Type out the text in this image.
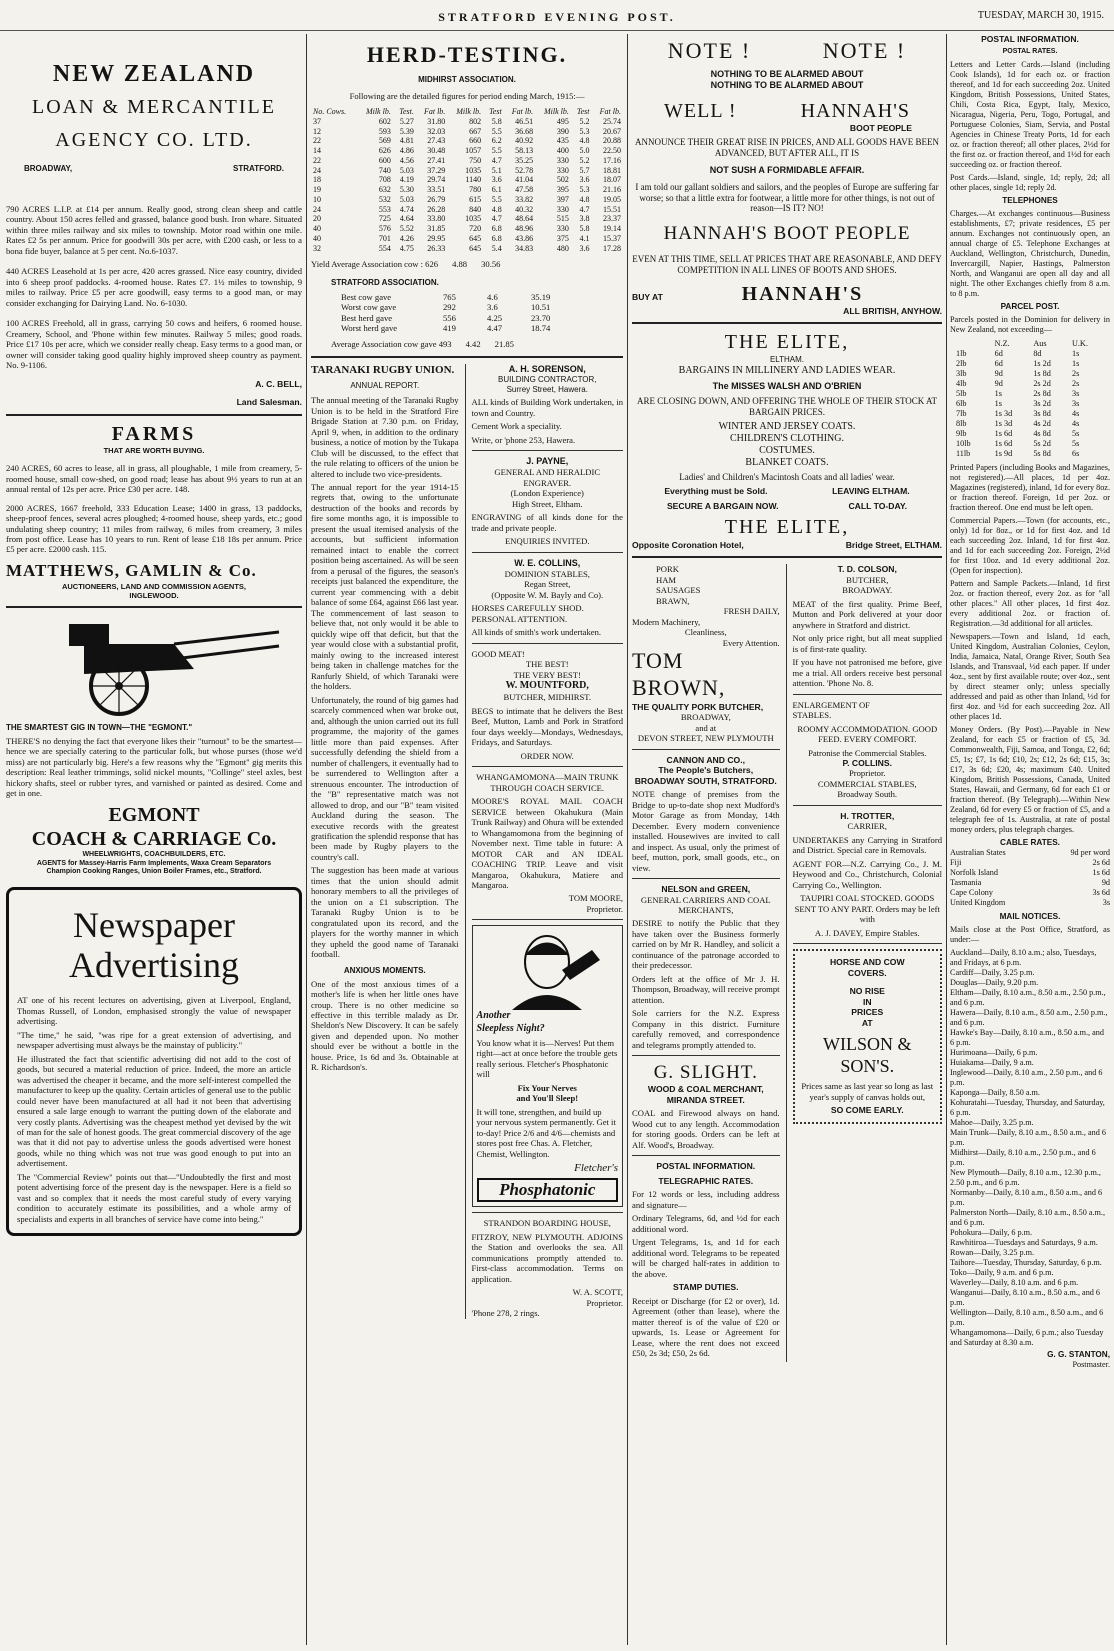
STRATFORD EVENING POST.	TUESDAY, MARCH 30, 1915.
NEW ZEALAND
LOAN & MERCANTILE
AGENCY CO. LTD.
BROADWAY,	STRATFORD.

790 ACRES L.I.P. at £14 per annum. Really good, strong clean sheep and cattle country. About 150 acres felled and grassed, balance good bush. Iron whare. Situated within three miles railway and six miles to township. Motor road within one mile. Rates £2 5s per annum. Price for goodwill 30s per acre, with £200 cash, or less to a bona fide buyer, balance at 5 per cent. No.6-1037.

440 ACRES Leasehold at 1s per acre, 420 acres grassed. Nice easy country, divided into 6 sheep proof paddocks. 4-roomed house. Rates £7. 1½ miles to township, 9 miles to railway. Price £5 per acre goodwill, easy terms to a good man, or may consider exchanging for Dairying Land. No. 6-1030.

100 ACRES Freehold, all in grass, carrying 50 cows and heifers, 6 roomed house. Creamery, School, and 'Phone within few minutes. Railway 5 miles; good roads. Price £17 10s per acre, which we consider really cheap. Easy terms to a good man, or owner will consider taking good quality highly improved sheep country as payment. No. 9-1106.

A. C. BELL,
Land Salesman.
FARMS
THAT ARE WORTH BUYING.

240 ACRES, 60 acres to lease, all in grass, all ploughable, 1 mile from creamery, 5-roomed house, small cow-shed, on good road; lease has about 9½ years to run at an annual rental of 12s per acre. Price £30 per acre. 148.

2000 ACRES, 1667 freehold, 333 Education Lease; 1400 in grass, 13 paddocks, sheep-proof fences, several acres ploughed; 4-roomed house, sheep yards, etc.; good undulating sheep country; 11 miles from railway, 6 miles from creamery, 3 miles from post office. Lease has 10 years to run. Rent of lease £18 18s per annum. Price £5 per acre. £2000 cash. 115.

MATTHEWS, GAMLIN & Co.
AUCTIONEERS, LAND AND COMMISSION AGENTS,
INGLEWOOD.
THE SMARTEST GIG IN TOWN—THE "EGMONT."

THERE'S no denying the fact that everyone likes their "turnout" to be the smartest—hence we are specially catering to the particular folk, but whose purses (those we'd miss) are not particularly big. Here's a few reasons why the "Egmont" gig merits this description: Real leather trimmings, solid nickel mounts, "Collinge" steel axles, best hickory shafts, steel or rubber tyres, and varnished or painted as desired. Come and get in one.

EGMONT
COACH & CARRIAGE Co.
WHEELWRIGHTS, COACHBUILDERS, ETC.
AGENTS for Massey-Harris Farm Implements, Waxa Cream Separators
Champion Cooking Ranges, Union Boiler Frames, etc., Stratford.
Newspaper
Advertising

AT one of his recent lectures on advertising, given at Liverpool, England, Thomas Russell, of London, emphasised strongly the value of newspaper advertising.

"The time," he said, "was ripe for a great extension of advertising, and newspaper advertising must always be the mainstay of publicity."

He illustrated the fact that scientific advertising did not add to the cost of goods, but secured a material reduction of price. Indeed, the more an article was advertised the cheaper it became, and the more self-interest compelled the manufacturer to keep up the quality. Certain articles of general use to the public could never have been manufactured at all had it not been that advertising ensured a sale large enough to warrant the putting down of the elaborate and very costly plants. Advertising was the cheapest method yet devised by the wit of man for the sale of honest goods. The great commercial discovery of the age was that it did not pay to advertise unless the goods advertised were honest goods, while no thing which was not true was good enough to put into an advertisement.

The "Commercial Review" points out that—"Undoubtedly the first and most potent advertising force of the present day is the newspaper. Here is a field so vast and so complex that it needs the most careful study of every varying condition to accurately estimate its possibilities, and a whole army of specialists and experts in all branches of service have come into being."

HERD-TESTING.
MIDHIRST ASSOCIATION.

Following are the detailed figures for period ending March, 1915:—

No. Cows.	Milk lb.	Test.	Fat lb.	Milk lb.	Test	Fat lb.	Milk lb.	Test	Fat lb.
37	602	5.27	31.80	802	5.8	46.51	495	5.2	25.74
12	593	5.39	32.03	667	5.5	36.68	390	5.3	20.67
22	569	4.81	27.43	660	6.2	40.92	435	4.8	20.88
14	626	4.86	30.48	1057	5.5	58.13	400	5.0	22.50
22	600	4.56	27.41	750	4.7	35.25	330	5.2	17.16
24	740	5.03	37.29	1035	5.1	52.78	330	5.7	18.81
18	708	4.19	29.74	1140	3.6	41.04	502	3.6	18.07
19	632	5.30	33.51	780	6.1	47.58	395	5.3	21.16
10	532	5.03	26.79	615	5.5	33.82	397	4.8	19.05
24	553	4.74	26.28	840	4.8	40.32	330	4.7	15.51
20	725	4.64	33.80	1035	4.7	48.64	515	3.8	23.37
40	576	5.52	31.85	720	6.8	48.96	330	5.8	19.14
40	701	4.26	29.95	645	6.8	43.86	375	4.1	15.37
32	554	4.75	26.33	645	5.4	34.83	480	3.6	17.28
Yield Average Association cow : 626 4.88 30.56
STRATFORD ASSOCIATION.
Best cow gave	765	4.6	35.19
Worst cow gave	292	3.6	10.51
Best herd gave	556	4.25	23.70
Worst herd gave	419	4.47	18.74
Average Association cow gave 493 4.42 21.85
TARANAKI RUGBY UNION.
ANNUAL REPORT.

The annual meeting of the Taranaki Rugby Union is to be held in the Stratford Fire Brigade Station at 7.30 p.m. on Friday, April 9, when, in addition to the ordinary business, a notice of motion by the Tukapa Club will be discussed, to the effect that the rule relating to officers of the union be altered to include two vice-presidents.

The annual report for the year 1914-15 regrets that, owing to the unfortunate destruction of the books and records by fire some months ago, it is impossible to present the usual itemised analysis of the accounts, but sufficient information remained intact to enable the correct position being ascertained. As will be seen from a perusal of the figures, the season's receipts just balanced the expenditure, the current year commencing with a debit balance of some £64, against £66 last year. The commencement of last season to believe that, not only would it be able to quickly wipe off that deficit, but that the year would close with a substantial profit, mainly owing to the increased interest being taken in challenge matches for the Ranfurly Shield, of which Taranaki were the holders.

Unfortunately, the round of big games had scarcely commenced when war broke out, and, although the union carried out its full programme, the majority of the games little more than paid expenses. After successfully defending the shield from a number of challengers, it eventually had to be surrendered to Wellington after a strenuous encounter. The introduction of the "B" representative match was not allowed to drop, and our "B" team visited Auckland during the season. The executive records with the greatest gratification the splendid response that has been made by Rugby players to the country's call.

The suggestion has been made at various times that the union should admit honorary members to all the privileges of the union on a £1 subscription. The Taranaki Rugby Union is to be congratulated upon its record, and the players for the worthy manner in which they upheld the good name of Taranaki football.

ANXIOUS MOMENTS.

One of the most anxious times of a mother's life is when her little ones have croup. There is no other medicine so effective in this terrible malady as Dr. Sheldon's New Discovery. It can be safely given and depended upon. No mother should ever be without a bottle in the house. Price, 1s 6d and 3s. Obtainable at R. Richardson's.

A. H. SORENSON,
BUILDING CONTRACTOR,
Surrey Street, Hawera.

ALL kinds of Building Work undertaken, in town and Country.

Cement Work a speciality.

Write, or 'phone 253, Hawera.

J. PAYNE,
GENERAL AND HERALDIC
ENGRAVER.
(London Experience)
High Street, Eltham.

ENGRAVING of all kinds done for the trade and private people.

ENQUIRIES INVITED.
W. E. COLLINS,
DOMINION STABLES,
Regan Street,
(Opposite W. M. Bayly and Co).

HORSES CAREFULLY SHOD. PERSONAL ATTENTION.

All kinds of smith's work undertaken.

GOOD MEAT!
THE BEST!
THE VERY BEST!
W. MOUNTFORD,
BUTCHER, MIDHIRST.

BEGS to intimate that he delivers the Best Beef, Mutton, Lamb and Pork in Stratford four days weekly—Mondays, Wednesdays, Fridays, and Saturdays.

ORDER NOW.
WHANGAMOMONA—MAIN TRUNK THROUGH COACH SERVICE.

MOORE'S ROYAL MAIL COACH SERVICE between Okahukura (Main Trunk Railway) and Ohura will be extended to Whangamomona from the beginning of November next. Time table in future: A MOTOR CAR and AN IDEAL COACHING TRIP. Leave and visit Mangaroa, Okahukura, Matiere and Mangaroa.

TOM MOORE,
Proprietor.
Another
Sleepless Night?

You know what it is—Nerves! Put them right—act at once before the trouble gets really serious. Fletcher's Phosphatonic will

Fix Your Nerves
and You'll Sleep!

It will tone, strengthen, and build up your nervous system permanently. Get it to-day! Price 2/6 and 4/6—chemists and stores post free Chas. A. Fletcher, Chemist, Wellington.

Fletcher's
Phosphatonic
STRANDON BOARDING HOUSE,

FITZROY, NEW PLYMOUTH. ADJOINS the Station and overlooks the sea. All communications promptly attended to. First-class accommodation. Terms on application.

W. A. SCOTT,
Proprietor.
'Phone 278, 2 rings.
NOTE !	NOTE !
NOTHING TO BE ALARMED ABOUT
NOTHING TO BE ALARMED ABOUT
WELL !	HANNAH'S
BOOT PEOPLE

ANNOUNCE THEIR GREAT RISE IN PRICES, AND ALL GOODS HAVE BEEN ADVANCED, BUT AFTER ALL, IT IS

NOT SUSH A FORMIDABLE AFFAIR.

I am told our gallant soldiers and sailors, and the peoples of Europe are suffering far worse; so that a little extra for footwear, a little more for other things, is not out of reason—IS IT? NO!

HANNAH'S BOOT PEOPLE

EVEN AT THIS TIME, SELL AT PRICES THAT ARE REASONABLE, AND DEFY COMPETITION IN ALL LINES OF BOOTS AND SHOES.

BUY AT	HANNAH'S
ALL BRITISH, ANYHOW.
THE ELITE,
ELTHAM.
BARGAINS IN MILLINERY AND LADIES WEAR.
The MISSES WALSH AND O'BRIEN

ARE CLOSING DOWN, AND OFFERING THE WHOLE OF THEIR STOCK AT BARGAIN PRICES.

WINTER AND JERSEY COATS.
CHILDREN'S CLOTHING.
COSTUMES.
BLANKET COATS.

Ladies' and Children's Macintosh Coats and all ladies' wear.

Everything must be Sold.	LEAVING ELTHAM.
SECURE A BARGAIN NOW.	CALL TO-DAY.
THE ELITE,
Opposite Coronation Hotel,	Bridge Street, ELTHAM.
PORK
HAM
SAUSAGES
BRAWN,
FRESH DAILY,
Modern Machinery,
Cleanliness,
Every Attention.
TOM BROWN,
THE QUALITY PORK BUTCHER,
BROADWAY,
and at
DEVON STREET, NEW PLYMOUTH
CANNON AND CO.,
The People's Butchers,
BROADWAY SOUTH, STRATFORD.

NOTE change of premises from the Bridge to up-to-date shop next Mudford's Motor Garage as from Monday, 14th December. Every modern convenience installed. Housewives are invited to call and inspect. As usual, only the primest of beef, mutton, pork, small goods, etc., on view.

NELSON and GREEN,
GENERAL CARRIERS AND COAL MERCHANTS,

DESIRE to notify the Public that they have taken over the Business formerly carried on by Mr R. Handley, and solicit a continuance of the patronage accorded to their predecessor.

Orders left at the office of Mr J. H. Thompson, Broadway, will receive prompt attention.

Sole carriers for the N.Z. Express Company in this district. Furniture carefully removed, and correspondence and telegrams promptly attended to.

G. SLIGHT.
WOOD & COAL MERCHANT,
MIRANDA STREET.

COAL and Firewood always on hand. Wood cut to any length. Accommodation for storing goods. Orders can be left at Alf. Wood's, Broadway.

POSTAL INFORMATION.
TELEGRAPHIC RATES.

For 12 words or less, including address and signature—

Ordinary Telegrams, 6d, and ½d for each additional word.

Urgent Telegrams, 1s, and 1d for each additional word. Telegrams to be repeated will be charged half-rates in addition to the above.

STAMP DUTIES.

Receipt or Discharge (for £2 or over), 1d. Agreement (other than lease), where the matter thereof is of the value of £20 or upwards, 1s. Lease or Agreement for Lease, where the rent does not exceed £50, 2s 3d; £50, 2s 6d.

T. D. COLSON,
BUTCHER,
BROADWAY.

MEAT of the first quality. Prime Beef, Mutton and Pork delivered at your door anywhere in Stratford and district.

Not only price right, but all meat supplied is of first-rate quality.

If you have not patronised me before, give me a trial. All orders receive best personal attention. 'Phone No. 8.

ENLARGEMENT OF
STABLES.

ROOMY ACCOMMODATION. GOOD FEED. EVERY COMFORT.

Patronise the Commercial Stables.
P. COLLINS.
Proprietor.
COMMERCIAL STABLES,
Broadway South.
H. TROTTER,
CARRIER,

UNDERTAKES any Carrying in Stratford and District. Special care in Removals.

AGENT FOR—N.Z. Carrying Co., J. M. Heywood and Co., Christchurch, Colonial Carrying Co., Wellington.

TAUPIRI COAL STOCKED. GOODS SENT TO ANY PART. Orders may be left with

A. J. DAVEY, Empire Stables.
HORSE AND COW
COVERS.
NO RISE
IN
PRICES
AT
WILSON &
SON'S.

Prices same as last year so long as last year's supply of canvas holds out,

SO COME EARLY.
POSTAL INFORMATION.
POSTAL RATES.

Letters and Letter Cards.—Island (including Cook Islands), 1d for each oz. or fraction thereof, and 1d for each succeeding 2oz. United Kingdom, British Possessions, United States, Chili, Costa Rica, Egypt, Italy, Mexico, Nicaragua, Nigeria, Peru, Togo, Portugal, and Portuguese Colonies, Siam, Servia, and Postal Agencies in Chinese Treaty Ports, 1d for each oz. or fraction thereof; all other places, 2½d for the first oz. or fraction thereof, and 1½d for each succeeding oz. or fraction thereof.

Post Cards.—Island, single, 1d; reply, 2d; all other places, single 1d; reply 2d.

TELEPHONES

Charges.—At exchanges continuous—Business establishments, £7; private residences, £5 per annum. Exchanges not continuously open, an annual charge of £5. Telephone Exchanges at Auckland, Wellington, Christchurch, Dunedin, Invercargill, Napier, Hastings, Palmerston North, and Wanganui are open all day and all night. The other Exchanges chiefly from 8 a.m. to 8 p.m.

PARCEL POST.

Parcels posted in the Dominion for delivery in New Zealand, not exceeding—

N.Z.	Aus	U.K.
1lb	6d	8d	1s
2lb	6d	1s 2d	1s
3lb	9d	1s 8d	2s
4lb	9d	2s 2d	2s
5lb	1s	2s 8d	3s
6lb	1s	3s 2d	3s
7lb	1s 3d	3s 8d	4s
8lb	1s 3d	4s 2d	4s
9lb	1s 6d	4s 8d	5s
10lb	1s 6d	5s 2d	5s
11lb	1s 9d	5s 8d	6s

Printed Papers (including Books and Magazines, not registered).—All places, 1d per 4oz. Magazines (registered), inland, 1d for every 8oz. or fraction thereof. Foreign, 1d per 2oz. or fraction thereof. One end must be left open.

Commercial Papers.—Town (for accounts, etc., only) 1d for 8oz., or 1d for first 4oz. and 1d each succeeding 2oz. Inland, 1d for first 4oz. and 1d for each succeeding 2oz. Foreign, 2½d for first 10oz. and 1d every additional 2oz. (Open for inspection).

Pattern and Sample Packets.—Inland, 1d first 2oz. or fraction thereof, every 2oz. as for "all other places." All other places, 1d first 4oz. every additional 2oz. or fraction of. Registration.—3d additional for all articles.

Newspapers.—Town and Island, 1d each, United Kingdom, Australian Colonies, Ceylon, India, Jamaica, Natal, Orange River, South Sea Islands, and Transvaal, ½d each paper. If under 4oz., sent by first available route; over 4oz., sent by direct steamer only; unless specially addressed and paid as other than Inland, ½d for first 4oz. and ½d for each succeeding 2oz. All other places 1d.

Money Orders. (By Post).—Payable in New Zealand, for each £5 or fraction of £5, 3d. Commonwealth, Fiji, Samoa, and Tonga, £2, 6d; £5, 1s; £7, 1s 6d; £10, 2s; £12, 2s 6d; £15, 3s; £17, 3s 6d; £20, 4s; maximum £40. United Kingdom, British Possessions, Canada, United States, Hawaii, and Germany, 6d for each £1 or fraction thereof. (By Telegraph).—Within New Zealand, 6d for every £5 or fraction of £5, and a telegraph fee of 1s. Australia, at rate of postal money orders, plus telegraph charges.

CABLE RATES.
Australian States	9d per word
Fiji	2s 6d
Norfolk Island	1s 6d
Tasmania	9d
Cape Colony	3s 6d
United Kingdom	3s
MAIL NOTICES.

Mails close at the Post Office, Stratford, as under:—

Auckland—Daily, 8.10 a.m.; also, Tuesdays, and Fridays, at 6 p.m.
Cardiff—Daily, 3.25 p.m.
Douglas—Daily, 9.20 p.m.
Eltham—Daily, 8.10 a.m., 8.50 a.m., 2.50 p.m., and 6 p.m.
Hawera—Daily, 8.10 a.m., 8.50 a.m., 2.50 p.m., and 6 p.m.
Hawke's Bay—Daily, 8.10 a.m., 8.50 a.m., and 6 p.m.
Hurimoana—Daily, 6 p.m.
Huiakama—Daily, 9 a.m.
Inglewood—Daily, 8.10 a.m., 2.50 p.m., and 6 p.m.
Kaponga—Daily, 8.50 a.m.
Kohuratahi—Tuesday, Thursday, and Saturday, 6 p.m.
Mahoe—Daily, 3.25 p.m.
Main Trunk—Daily, 8.10 a.m., 8.50 a.m., and 6 p.m.
Midhirst—Daily, 8.10 a.m., 2.50 p.m., and 6 p.m.
New Plymouth—Daily, 8.10 a.m., 12.30 p.m., 2.50 p.m., and 6 p.m.
Normanby—Daily, 8.10 a.m., 8.50 a.m., and 6 p.m.
Palmerston North—Daily, 8.10 a.m., 8.50 a.m., and 6 p.m.
Pohokura—Daily, 6 p.m.
Rawhitiroa—Tuesdays and Saturdays, 9 a.m.
Rowan—Daily, 3.25 p.m.
Taihore—Tuesday, Thursday, Saturday, 6 p.m.
Toko—Daily, 9 a.m. and 6 p.m.
Waverley—Daily, 8.10 a.m. and 6 p.m.
Wanganui—Daily, 8.10 a.m., 8.50 a.m., and 6 p.m.
Wellington—Daily, 8.10 a.m., 8.50 a.m., and 6 p.m.
Whangamomona—Daily, 6 p.m.; also Tuesday and Saturday at 8.30 a.m.
G. G. STANTON,
Postmaster.
